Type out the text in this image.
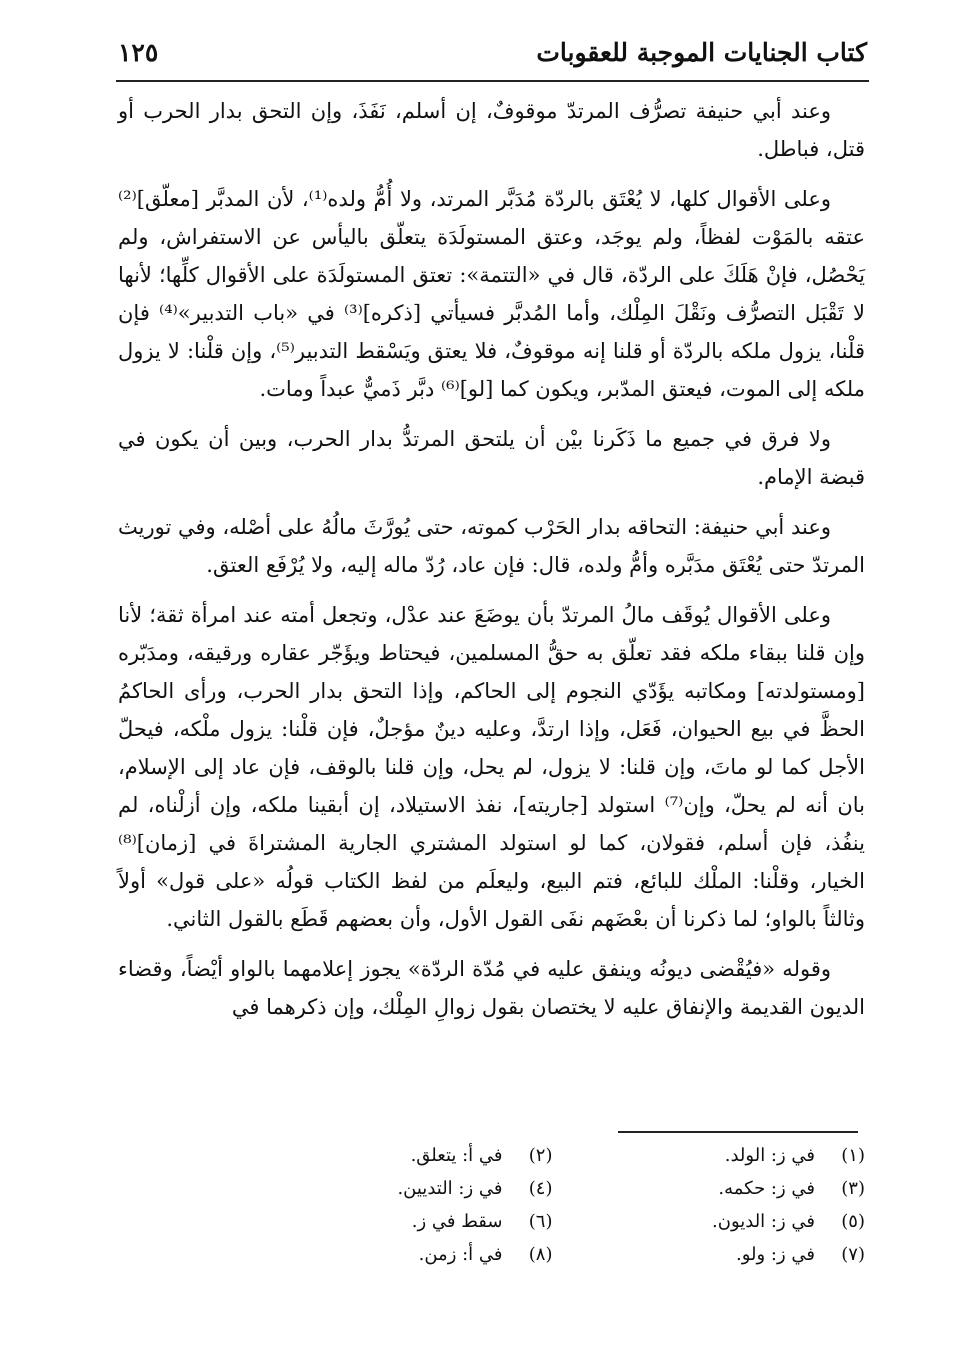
كتاب الجنايات الموجبة للعقوبات
١٢٥

وعند أبي حنيفة تصرُّف المرتدّ موقوفٌ، إن أسلم، نَفَذَ، وإن التحق بدار الحرب أو قتل، فباطل.

وعلى الأقوال كلها، لا يُعْتَق بالردّة مُدَبَّر المرتد، ولا أُمُّ ولده⁽¹⁾، لأن المدبَّر [معلّق]⁽²⁾ عتقه بالمَوْت لفظاً، ولم يوجَد، وعتق المستولَدَة يتعلّق باليأس عن الاستفراش، ولم يَحْصُل، فإنْ هَلَكَ على الردّة، قال في «التتمة»: تعتق المستولَدَة على الأقوال كلِّها؛ لأنها لا تَقْبَل التصرُّف ونَقْلَ المِلْك، وأما المُدبَّر فسيأتي [ذكره]⁽³⁾ في «باب التدبير»⁽⁴⁾ فإن قلْنا، يزول ملكه بالردّة أو قلنا إنه موقوفٌ، فلا يعتق ويَسْقط التدبير⁽⁵⁾، وإن قلْنا: لا يزول ملكه إلى الموت، فيعتق المدّبر، ويكون كما [لو]⁽⁶⁾ دبَّر ذَميٌّ عبداً ومات.

ولا فرق في جميع ما ذَكَرنا بيْن أن يلتحق المرتدُّ بدار الحرب، وبين أن يكون في قبضة الإمام.

وعند أبي حنيفة: التحاقه بدار الحَرْب كموته، حتى يُورَّثَ مالُهُ على أصْله، وفي توريث المرتدّ حتى يُعْتَق مدَبَّره وأمُّ ولده، قال: فإن عاد، رُدّ ماله إليه، ولا يُرْفَع العتق.

وعلى الأقوال يُوقَف مالُ المرتدّ بأن يوضَعَ عند عدْل، وتجعل أمته عند امرأة ثقة؛ لأنا وإن قلنا ببقاء ملكه فقد تعلّق به حقُّ المسلمين، فيحتاط ويؤَجّر عقاره ورقيقه، ومدَبّره [ومستولدته] ومكاتبه يؤَدّي النجوم إلى الحاكم، وإذا التحق بدار الحرب، ورأى الحاكمُ الحظَّ في بيع الحيوان، فَعَل، وإذا ارتدَّ، وعليه دينٌ مؤجلٌ، فإن قلْنا: يزول ملْكه، فيحلّ الأجل كما لو ماتَ، وإن قلنا: لا يزول، لم يحل، وإن قلنا بالوقف، فإن عاد إلى الإسلام، بان أنه لم يحلّ، وإن⁽⁷⁾ استولد [جاريته]، نفذ الاستيلاد، إن أبقينا ملكه، وإن أزلْناه، لم ينفُذ، فإن أسلم، فقولان، كما لو استولد المشتري الجارية المشتراةَ في [زمان]⁽⁸⁾ الخيار، وقلْنا: الملْك للبائع، فتم البيع، وليعلَم من لفظ الكتاب قولُه «على قول» أولاً وثالثاً بالواو؛ لما ذكرنا أن بعْضَهم نفَى القول الأول، وأن بعضهم قَطَع بالقول الثاني.

وقوله «فيُقْضى ديونُه وينفق عليه في مُدّة الردّة» يجوز إعلامهما بالواو أيْضاً، وقضاء الديون القديمة والإنفاق عليه لا يختصان بقول زوالِ المِلْك، وإن ذكرهما في

(١)
في ز: الولد.
(٢)
في أ: يتعلق.
(٣)
في ز: حكمه.
(٤)
في ز: التديين.
(٥)
في ز: الديون.
(٦)
سقط في ز.
(٧)
في ز: ولو.
(٨)
في أ: زمن.
